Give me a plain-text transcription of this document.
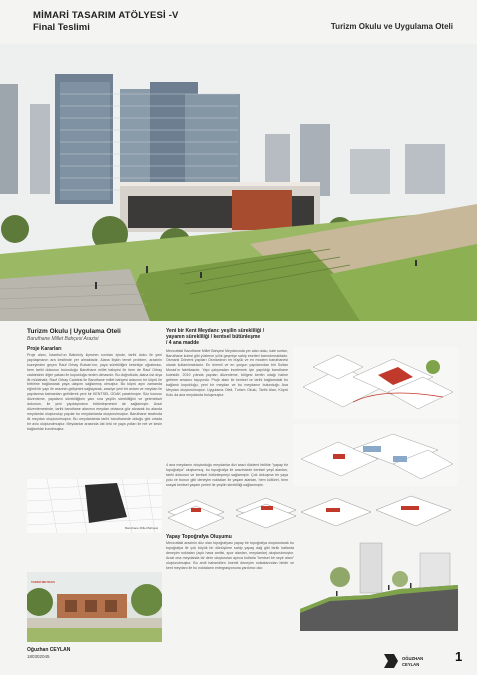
MİMARİ TASARIM ATÖLYESİ -V
Final Teslimi	Turizm Okulu ve Uygulama Oteli

Turizm Okulu | Uygulama Oteli

Baruthane Millet Bahçesi Arazisi

Proje Kararları

Proje alanı, İstanbul'un Bakırköy ilçesinin sınırları içinde, tarihi doku ile yeni yapılaşmanın ara kesitinde yer almaktadır. Alana ilişkin temel problem, arazinin kuzeyinden geçen Rauf Orbay Bulvarı'nın, yaya sürekliliğini kesintiye uğratması, hem tarihi dokunun bulunduğu Baruthane millet bahçesi ile hem de Rauf Orbay caddesinin diğer yakası ile kopukluğa neden olmasıdır. Bu doğrultuda, alana üst dışa ilk müdahale, Rauf Orbay Caddesi ile Baruthane millet bahçesi arasının bir köprü ile birbirine bağlanarak yaya ulaşımı sağlanmış olmuştur. Bu köprü aynı zamanda eğimli bir yapı ile arazinin gelişimini sağlayarak, araziye yeni bir anlam ve meydan ile yapılanma katmanları getirilerek yeni bir KENTSEL ODAK yaratılmıştır. Söz konusu düzenleme, yayaların sürekliliğinin yanı sıra yeşilin sürekliliğini ve geleneksel dokunun, ile yeni yapılaşmanın bütünleşmesini de sağlamıştır. Arazi düzenlemesinde, tarihi baruthane alanının meydan ortasına göz alınarak bu alanda meydanlar oluşturulup yapılar bu meydanlarda oluşturulmuştur. Baruthane tarafında ilk meydan oluşturulmuştur. Bu meydanlarda tarihi baruthanede olduğu gibi ortada bir avlu oluşturulmuştur. Meydanlar arasında üst örtü ve yaya yolları ile net ve kesin bağlantılar kurulmuştur.

Baruthane Millet Bahçesi
TARİHİ MEYDAN

Yeni bir Kent Meydanı: yeşilin sürekliliği /

yayanın sürekliliği / kentsel bütünleşme

/ 4 ana madde

Mevcuttaki Baruthane Millet Bahçesi Meydanında yer alan doku, kale surları, Baruthane kulesi gibi yüzlerce yıllık geçmişe sahip eserleri barındırmaktadır. Osmanlı Dönemi yapıları Osmanlının en büyük ve en modern baruthanesi olarak kullanılmaktadır. En önemli ve en yorgun yapılarından biri Sultan Murad'ın fabrikasıdır. Yapı çalışmaları incelemek için yapıldığı baruthane kulesidir. 2019 yılında yapılan düzenleme, bölgesi kentin odağı haline getirme amacını taşıyordu. Proje alanı ile kentsel ve tarihi bağlamdaki bu bağlantı kopukluğu, yeni bir meydan ve bu meydanın bulunduğu Ana Meydan oluşturulmuştur. Uygulama Oteli, Turizm Okulu, Tarihi Alan, Köprü Kolu da ana meydanda buluşmuştur.

4 ana meydanın oluşturduğu meydanlar dizi arazi düzlemi birlikte "yapay bir topoğrafya" oluşturmuş, bu topoğrafya ile arazimizde kentsel yeşil alanları, tarihi dokunun ve kentsel bütünleşmeyi sağlamıştır. Çok dokuşma bir yaya yolu ve bunun gibi deneyim noktaları ile yaşam alanları, hem kültürel, hem sosyal kentsel yaşam yerleri ile yeşilin sürekliliği sağlanmıştır.

Yapay Topoğrafya Oluşumu

Mevcuttaki arazinin düz olan topoğrafyası yapay bir topoğrafya oluşturularak bu topoğrafya ile çok büyük bir dönüşüme sahip yapay dağ gibi farklı katlarda deneyim noktaları (açık hava amfisi, spor alanları, meydanlar) oluşturulmuştur. Arazi ona meydanda bir dere oluşturulan ayrıca kotlarla "kentsel bir seyir alanı" oluşturulmuştur. Bu amfi bahsedilen önemli deneyim noktalarından biridir ve kent meydanı ile bu noktaların entegrasyonuna yardımcı olur.

Oğuzhan CEYLAN
180302045	OĞUZHAN
CEYLAN
1
